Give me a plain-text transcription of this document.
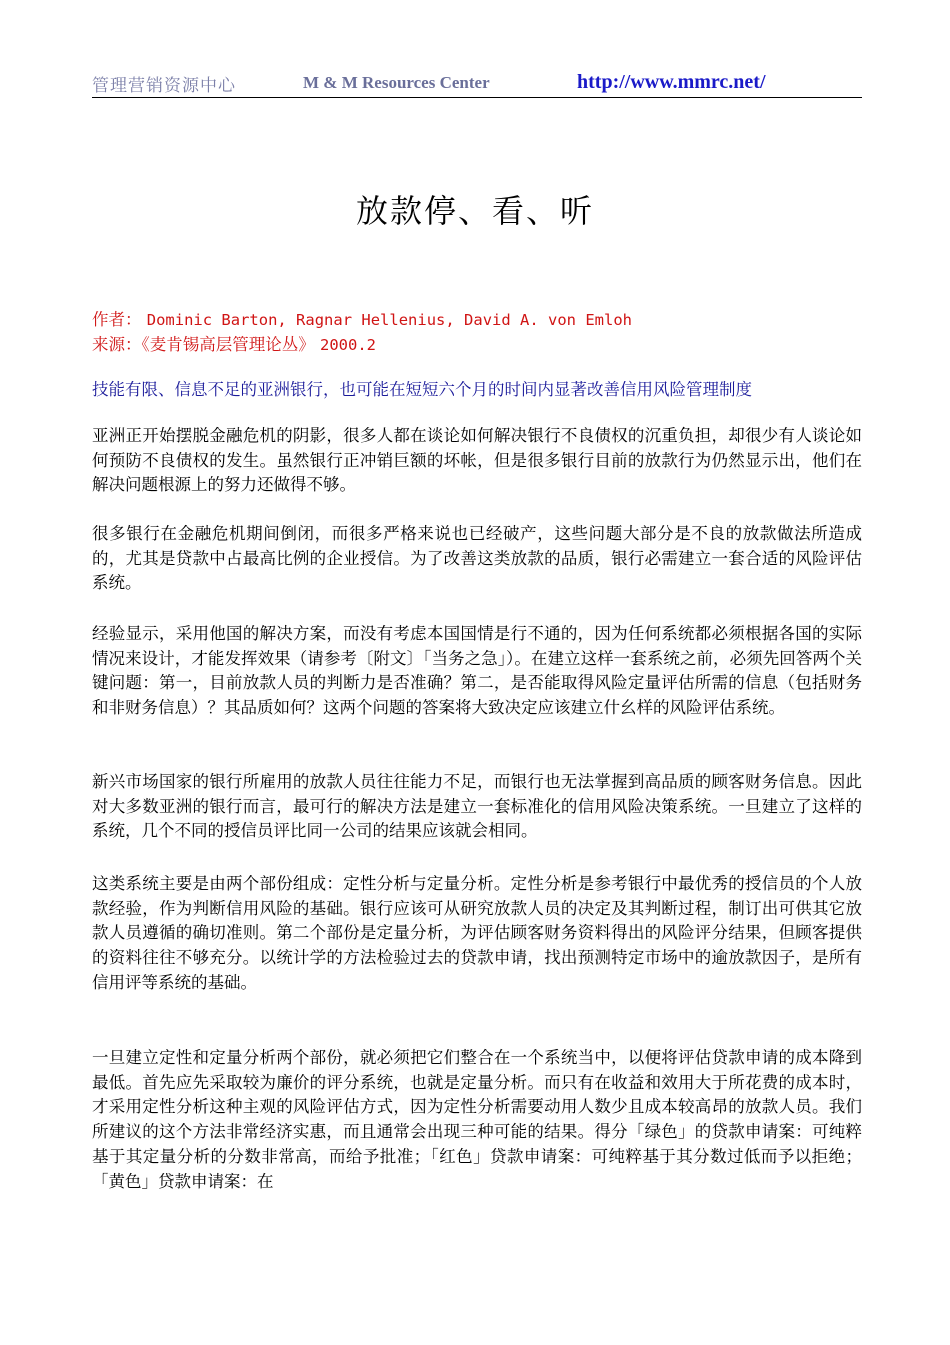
管理营销资源中心	M & M Resources Center	http://www.mmrc.net/
放款停、看、听
作者： Dominic Barton, Ragnar Hellenius, David A. von Emloh
来源：《麦肯锡高层管理论丛》 2000.2
技能有限、信息不足的亚洲银行，也可能在短短六个月的时间内显著改善信用风险管理制度

亚洲正开始摆脱金融危机的阴影，很多人都在谈论如何解决银行不良债权的沉重负担，却很少有人谈论如何预防不良债权的发生。虽然银行正冲销巨额的坏帐，但是很多银行目前的放款行为仍然显示出，他们在解决问题根源上的努力还做得不够。

很多银行在金融危机期间倒闭，而很多严格来说也已经破产，这些问题大部分是不良的放款做法所造成的，尤其是贷款中占最高比例的企业授信。为了改善这类放款的品质，银行必需建立一套合适的风险评估系统。

经验显示，采用他国的解决方案，而没有考虑本国国情是行不通的，因为任何系统都必须根据各国的实际情况来设计，才能发挥效果（请参考〔附文〕「当务之急」）。在建立这样一套系统之前，必须先回答两个关键问题：第一，目前放款人员的判断力是否准确？第二，是否能取得风险定量评估所需的信息（包括财务和非财务信息）？其品质如何？这两个问题的答案将大致决定应该建立什幺样的风险评估系统。

新兴市场国家的银行所雇用的放款人员往往能力不足，而银行也无法掌握到高品质的顾客财务信息。因此对大多数亚洲的银行而言，最可行的解决方法是建立一套标准化的信用风险决策系统。一旦建立了这样的系统，几个不同的授信员评比同一公司的结果应该就会相同。

这类系统主要是由两个部份组成：定性分析与定量分析。定性分析是参考银行中最优秀的授信员的个人放款经验，作为判断信用风险的基础。银行应该可从研究放款人员的决定及其判断过程，制订出可供其它放款人员遵循的确切准则。第二个部份是定量分析，为评估顾客财务资料得出的风险评分结果，但顾客提供的资料往往不够充分。以统计学的方法检验过去的贷款申请，找出预测特定市场中的逾放款因子，是所有信用评等系统的基础。

一旦建立定性和定量分析两个部份，就必须把它们整合在一个系统当中，以便将评估贷款申请的成本降到最低。首先应先采取较为廉价的评分系统，也就是定量分析。而只有在收益和效用大于所花费的成本时，才采用定性分析这种主观的风险评估方式，因为定性分析需要动用人数少且成本较高昂的放款人员。我们所建议的这个方法非常经济实惠，而且通常会出现三种可能的结果。得分「绿色」的贷款申请案：可纯粹基于其定量分析的分数非常高，而给予批准；「红色」贷款申请案：可纯粹基于其分数过低而予以拒绝；「黄色」贷款申请案：在
